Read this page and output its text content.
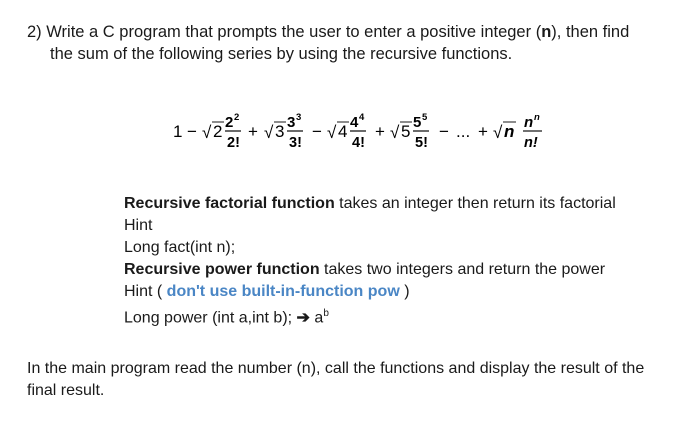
2) Write a C program that prompts the user to enter a positive integer (n), then find
the sum of the following series by using the recursive functions.
1 − √ 2 2 2
2!
+ √ 3 3 3
3!
− √ 4 4 4
4!
+ √ 5 5 5
5!
− ... + √ n n n
n!
Recursive factorial function takes an integer then return its factorial
Hint
Long fact(int n);
Recursive power function takes two integers and return the power
Hint ( don't use built-in-function pow )
Long power (int a,int b); ➔ $a^b$
In the main program read the number (n), call the functions and display the result of the
final result.
